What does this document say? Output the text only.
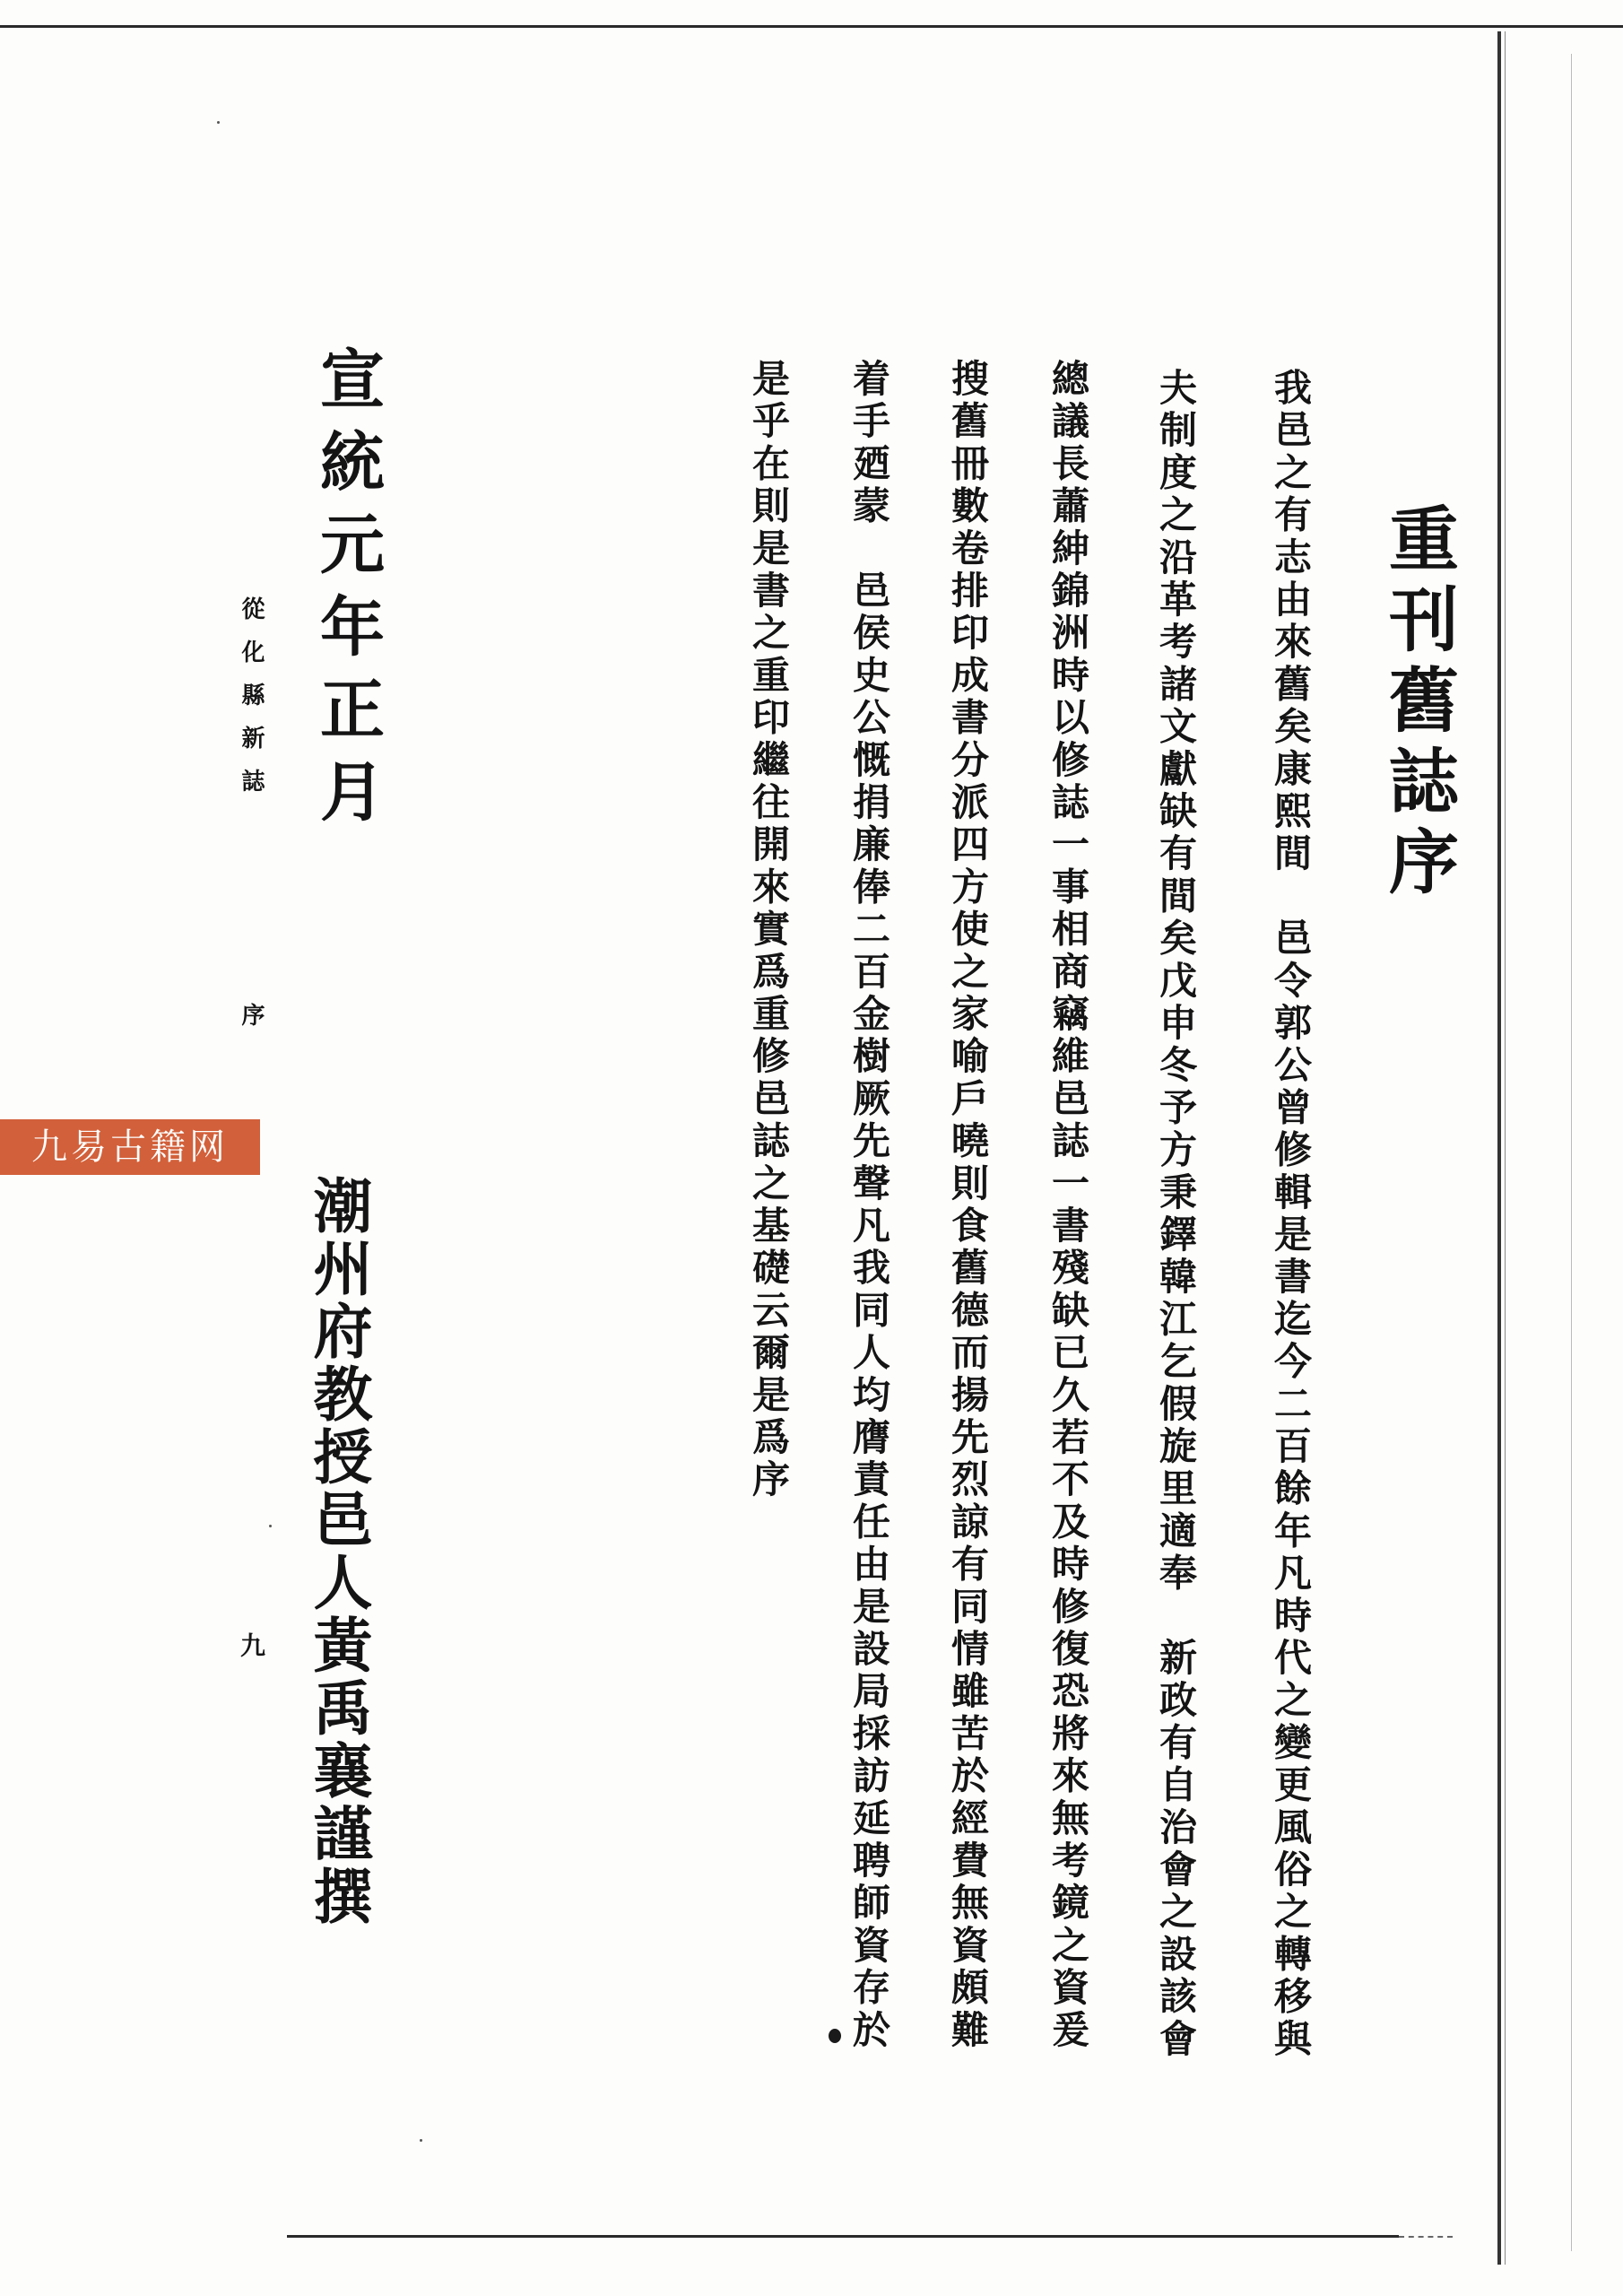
重刊舊誌序
我邑之有志由來舊矣康熙間　邑令郭公曾修輯是書迄今二百餘年凡時代之變更風俗之轉移與
夫制度之沿革考諸文獻缺有間矣戊申冬予方秉鐸韓江乞假旋里適奉　新政有自治會之設該會
總議長蕭紳錦洲時以修誌一事相商竊維邑誌一書殘缺已久若不及時修復恐將來無考鏡之資爰
搜舊冊數卷排印成書分派四方使之家喻戶曉則食舊德而揚先烈諒有同情雖苦於經費無資頗難
着手廼蒙　邑侯史公慨捐廉俸二百金樹厥先聲凡我同人均膺責任由是設局採訪延聘師資存於
是乎在則是書之重印繼往開來實爲重修邑誌之基礎云爾是爲序
宣統元年正月
潮州府教授邑人黃禹襄謹撰
從化縣新誌
序
九
九易古籍网
